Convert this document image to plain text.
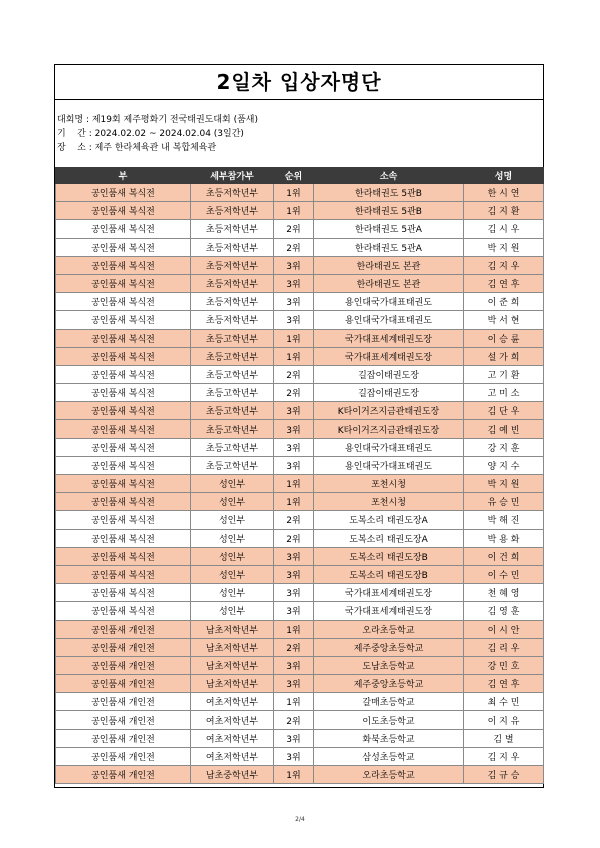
2일차 입상자명단
대회명 : 제19회 제주평화기 전국태권도대회 (품새)
기    간 : 2024.02.02 ~ 2024.02.04 (3일간)
장    소 : 제주 한라체육관 내 복합체육관
부	세부참가부	순위	소속	성명
공인품새 복식전	초등저학년부	1위	한라태권도 5관B	한 시 연
공인품새 복식전	초등저학년부	1위	한라태권도 5관B	김 지 환
공인품새 복식전	초등저학년부	2위	한라태권도 5관A	김 시 우
공인품새 복식전	초등저학년부	2위	한라태권도 5관A	박 지 원
공인품새 복식전	초등저학년부	3위	한라태권도 본관	김 지 우
공인품새 복식전	초등저학년부	3위	한라태권도 본관	김 연 후
공인품새 복식전	초등저학년부	3위	용인대국가대표태권도	이 준 희
공인품새 복식전	초등저학년부	3위	용인대국가대표태권도	박 서 현
공인품새 복식전	초등고학년부	1위	국가대표세계태권도장	이 승 륜
공인품새 복식전	초등고학년부	1위	국가대표세계태권도장	설 가 희
공인품새 복식전	초등고학년부	2위	길잡이태권도장	고 기 환
공인품새 복식전	초등고학년부	2위	길잡이태권도장	고 미 소
공인품새 복식전	초등고학년부	3위	K타이거즈지금관태권도장	김 단 우
공인품새 복식전	초등고학년부	3위	K타이거즈지금관태권도장	김 예 빈
공인품새 복식전	초등고학년부	3위	용인대국가대표태권도	강 지 훈
공인품새 복식전	초등고학년부	3위	용인대국가대표태권도	양 지 수
공인품새 복식전	성인부	1위	포천시청	박 지 원
공인품새 복식전	성인부	1위	포천시청	유 승 민
공인품새 복식전	성인부	2위	도복소리 태권도장A	박 해 진
공인품새 복식전	성인부	2위	도복소리 태권도장A	박 용 화
공인품새 복식전	성인부	3위	도복소리 태권도장B	이 건 희
공인품새 복식전	성인부	3위	도복소리 태권도장B	이 수 민
공인품새 복식전	성인부	3위	국가대표세계태권도장	천 혜 영
공인품새 복식전	성인부	3위	국가대표세계태권도장	김 영 훈
공인품새 개인전	남초저학년부	1위	오라초등학교	이 시 안
공인품새 개인전	남초저학년부	2위	제주중앙초등학교	김 리 우
공인품새 개인전	남초저학년부	3위	도남초등학교	강 민 호
공인품새 개인전	남초저학년부	3위	제주중앙초등학교	김 연 후
공인품새 개인전	여초저학년부	1위	갈매초등학교	최 수 민
공인품새 개인전	여초저학년부	2위	이도초등학교	이 지 유
공인품새 개인전	여초저학년부	3위	화북초등학교	김 별
공인품새 개인전	여초저학년부	3위	삼성초등학교	김 지 우
공인품새 개인전	남초중학년부	1위	오라초등학교	김 규 승
2/4
